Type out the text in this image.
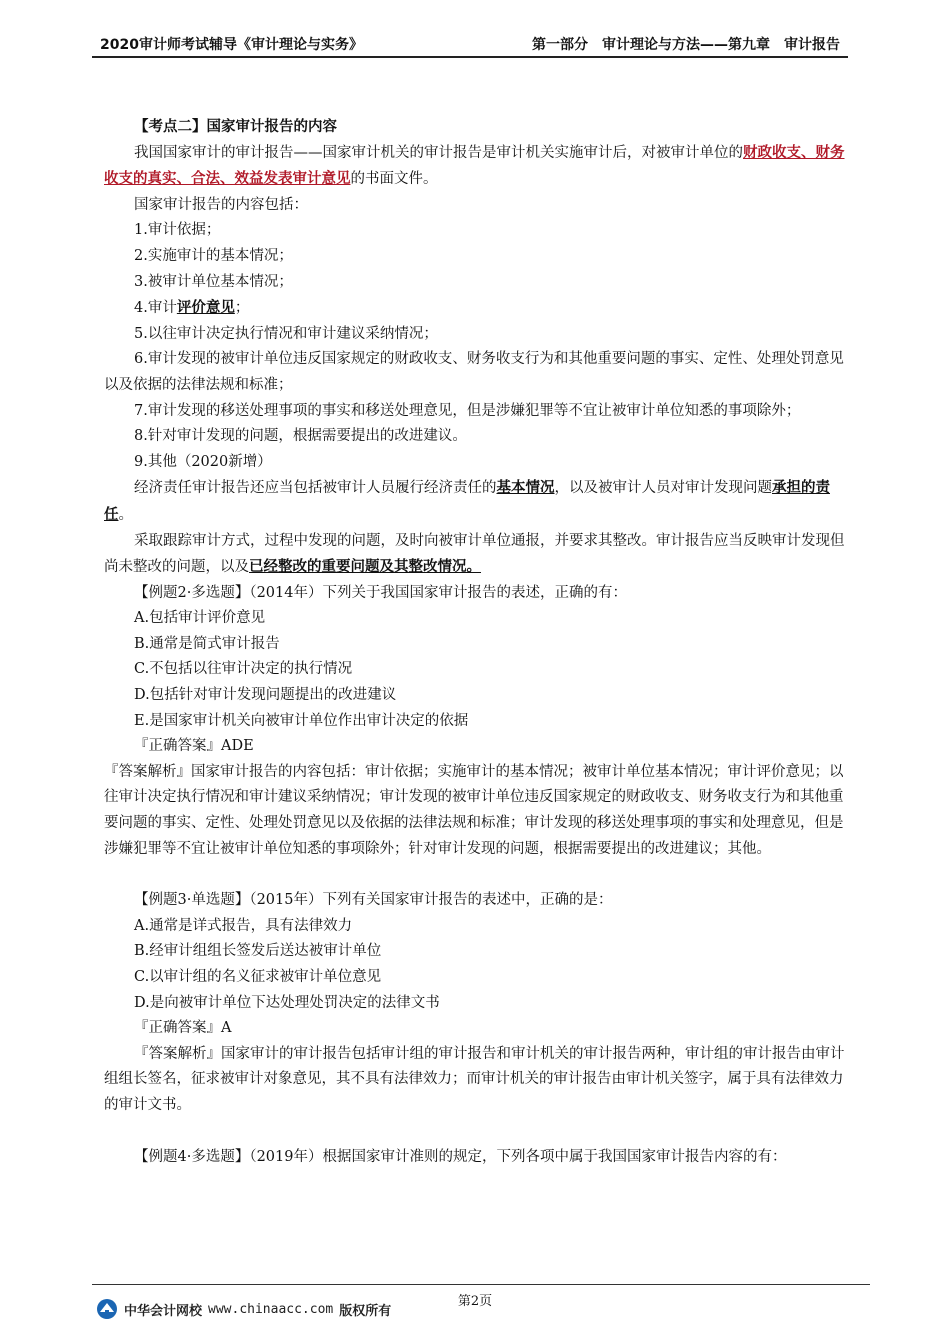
2020审计师考试辅导《审计理论与实务》	第一部分　审计理论与方法——第九章　审计报告

【考点二】国家审计报告的内容

我国国家审计的审计报告——国家审计机关的审计报告是审计机关实施审计后，对被审计单位的财政收支、财务收支的真实、合法、效益发表审计意见的书面文件。

国家审计报告的内容包括：

1.审计依据；

2.实施审计的基本情况；

3.被审计单位基本情况；

4.审计评价意见；

5.以往审计决定执行情况和审计建议采纳情况；

6.审计发现的被审计单位违反国家规定的财政收支、财务收支行为和其他重要问题的事实、定性、处理处罚意见以及依据的法律法规和标准；

7.审计发现的移送处理事项的事实和移送处理意见，但是涉嫌犯罪等不宜让被审计单位知悉的事项除外；

8.针对审计发现的问题，根据需要提出的改进建议。

9.其他（2020新增）

经济责任审计报告还应当包括被审计人员履行经济责任的基本情况，以及被审计人员对审计发现问题承担的责任。

采取跟踪审计方式，过程中发现的问题，及时向被审计单位通报，并要求其整改。审计报告应当反映审计发现但尚未整改的问题，以及已经整改的重要问题及其整改情况。

【例题2·多选题】（2014年）下列关于我国国家审计报告的表述，正确的有：

A.包括审计评价意见

B.通常是简式审计报告

C.不包括以往审计决定的执行情况

D.包括针对审计发现问题提出的改进建议

E.是国家审计机关向被审计单位作出审计决定的依据

『正确答案』ADE

『答案解析』国家审计报告的内容包括：审计依据；实施审计的基本情况；被审计单位基本情况；审计评价意见；以往审计决定执行情况和审计建议采纳情况；审计发现的被审计单位违反国家规定的财政收支、财务收支行为和其他重要问题的事实、定性、处理处罚意见以及依据的法律法规和标准；审计发现的移送处理事项的事实和处理意见，但是涉嫌犯罪等不宜让被审计单位知悉的事项除外；针对审计发现的问题，根据需要提出的改进建议；其他。

【例题3·单选题】（2015年）下列有关国家审计报告的表述中，正确的是：

A.通常是详式报告，具有法律效力

B.经审计组组长签发后送达被审计单位

C.以审计组的名义征求被审计单位意见

D.是向被审计单位下达处理处罚决定的法律文书

『正确答案』A

『答案解析』国家审计的审计报告包括审计组的审计报告和审计机关的审计报告两种，审计组的审计报告由审计组组长签名，征求被审计对象意见，其不具有法律效力；而审计机关的审计报告由审计机关签字，属于具有法律效力的审计文书。

【例题4·多选题】（2019年）根据国家审计准则的规定，下列各项中属于我国国家审计报告内容的有：

第2页
中华会计网校 www.chinaacc.com 版权所有
